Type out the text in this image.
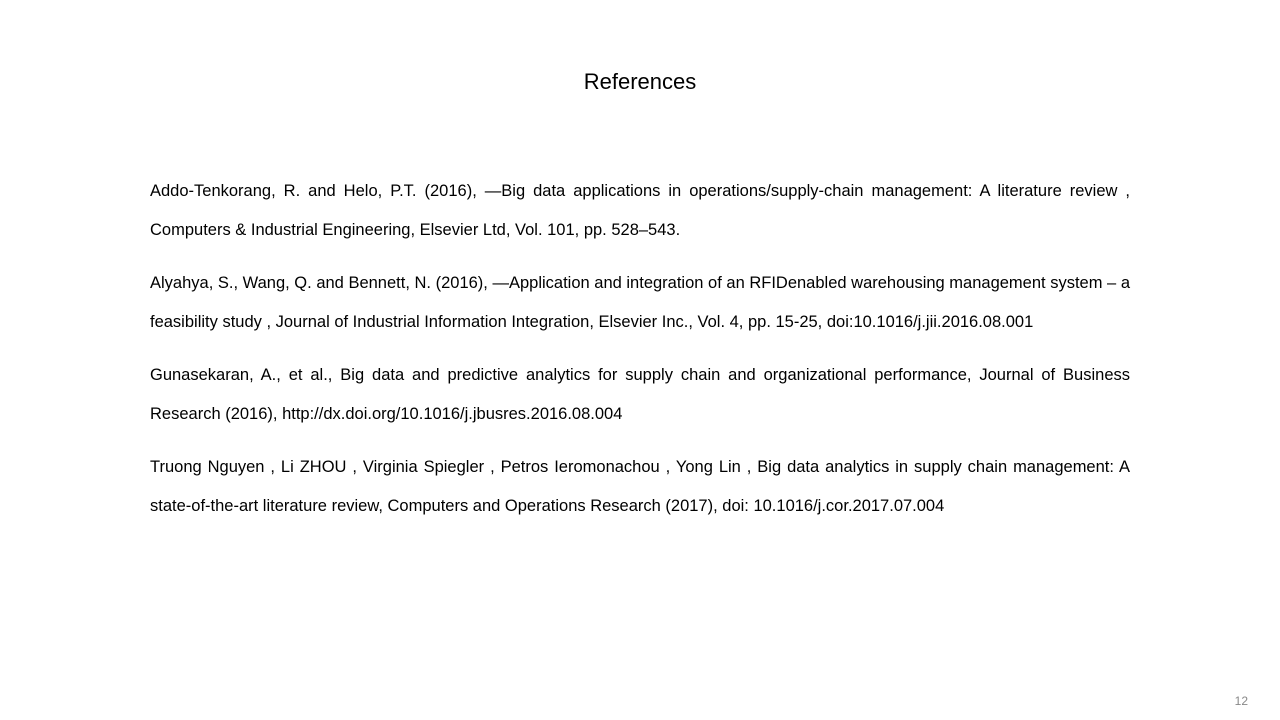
References

Addo-Tenkorang, R. and Helo, P.T. (2016), —Big data applications in operations/supply-chain management: A literature review , Computers & Industrial Engineering, Elsevier Ltd, Vol. 101, pp. 528–543.

Alyahya, S., Wang, Q. and Bennett, N. (2016), —Application and integration of an RFIDenabled warehousing management system – a feasibility study , Journal of Industrial Information Integration, Elsevier Inc., Vol. 4, pp. 15-25, doi:10.1016/j.jii.2016.08.001

Gunasekaran, A., et al., Big data and predictive analytics for supply chain and organizational performance, Journal of Business Research (2016), http://dx.doi.org/10.1016/j.jbusres.2016.08.004

Truong Nguyen , Li ZHOU , Virginia Spiegler , Petros Ieromonachou , Yong Lin , Big data analytics in supply chain management: A state-of-the-art literature review, Computers and Operations Research (2017), doi: 10.1016/j.cor.2017.07.004

12
